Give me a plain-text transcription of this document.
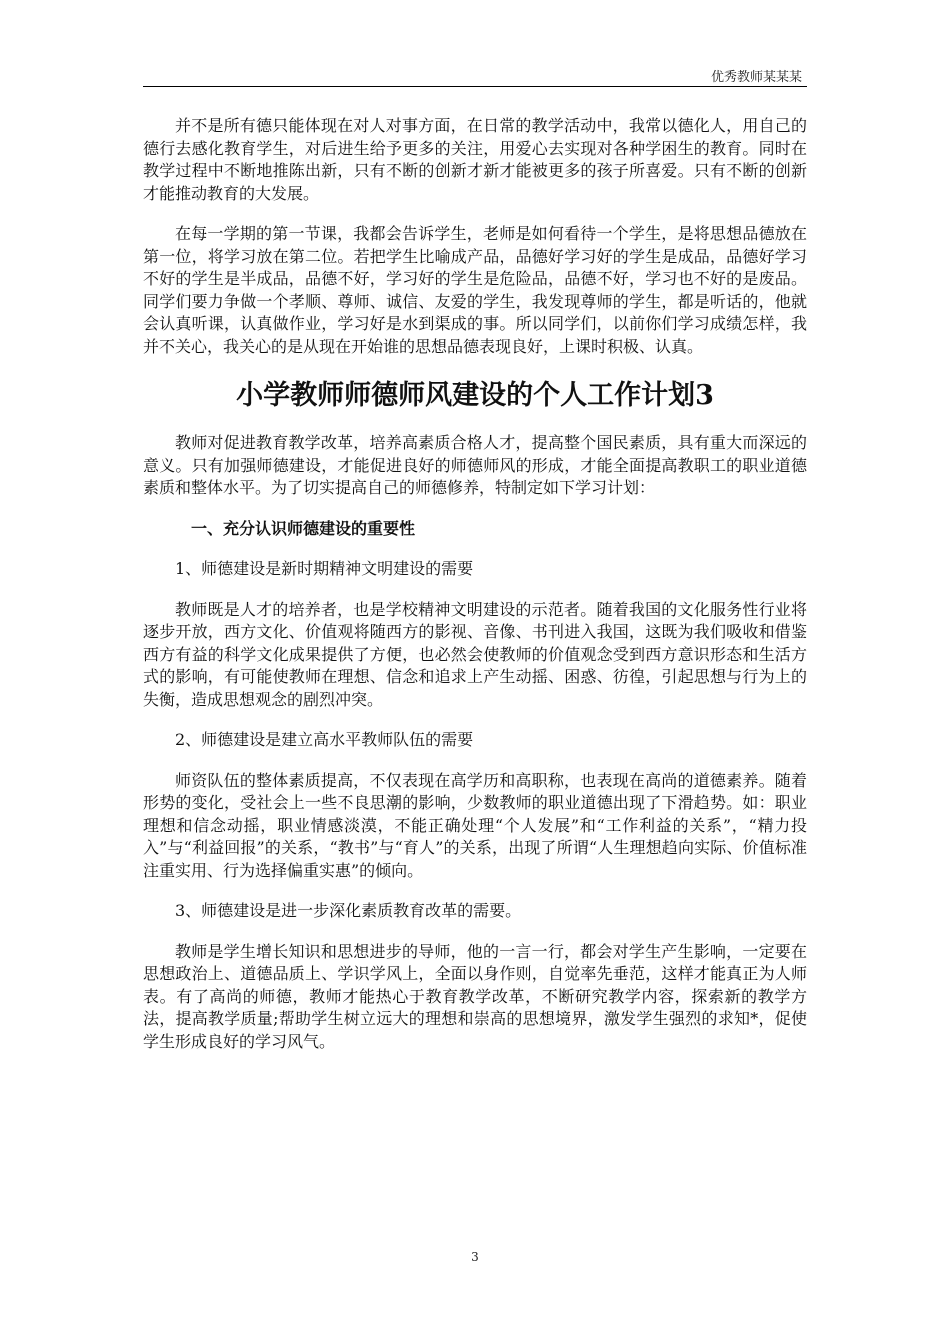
优秀教师某某某

并不是所有德只能体现在对人对事方面，在日常的教学活动中，我常以德化人，用自己的德行去感化教育学生，对后进生给予更多的关注，用爱心去实现对各种学困生的教育。同时在教学过程中不断地推陈出新，只有不断的创新才新才能被更多的孩子所喜爱。只有不断的创新才能推动教育的大发展。

在每一学期的第一节课，我都会告诉学生，老师是如何看待一个学生，是将思想品德放在第一位，将学习放在第二位。若把学生比喻成产品，品德好学习好的学生是成品，品德好学习不好的学生是半成品，品德不好，学习好的学生是危险品，品德不好，学习也不好的是废品。同学们要力争做一个孝顺、尊师、诚信、友爱的学生，我发现尊师的学生，都是听话的，他就会认真听课，认真做作业，学习好是水到渠成的事。所以同学们，以前你们学习成绩怎样，我并不关心，我关心的是从现在开始谁的思想品德表现良好，上课时积极、认真。

小学教师师德师风建设的个人工作计划3

教师对促进教育教学改革，培养高素质合格人才，提高整个国民素质，具有重大而深远的意义。只有加强师德建设，才能促进良好的师德师风的形成，才能全面提高教职工的职业道德素质和整体水平。为了切实提高自己的师德修养，特制定如下学习计划：

一、充分认识师德建设的重要性

1、师德建设是新时期精神文明建设的需要

教师既是人才的培养者，也是学校精神文明建设的示范者。随着我国的文化服务性行业将逐步开放，西方文化、价值观将随西方的影视、音像、书刊进入我国，这既为我们吸收和借鉴西方有益的科学文化成果提供了方便，也必然会使教师的价值观念受到西方意识形态和生活方式的影响，有可能使教师在理想、信念和追求上产生动摇、困惑、彷徨，引起思想与行为上的失衡，造成思想观念的剧烈冲突。

2、师德建设是建立高水平教师队伍的需要

师资队伍的整体素质提高，不仅表现在高学历和高职称，也表现在高尚的道德素养。随着形势的变化，受社会上一些不良思潮的影响，少数教师的职业道德出现了下滑趋势。如：职业理想和信念动摇，职业情感淡漠，不能正确处理“个人发展”和“工作利益的关系”，“精力投入”与“利益回报”的关系，“教书”与“育人”的关系，出现了所谓“人生理想趋向实际、价值标准注重实用、行为选择偏重实惠”的倾向。

3、师德建设是进一步深化素质教育改革的需要。

教师是学生增长知识和思想进步的导师，他的一言一行，都会对学生产生影响，一定要在思想政治上、道德品质上、学识学风上，全面以身作则，自觉率先垂范，这样才能真正为人师表。有了高尚的师德，教师才能热心于教育教学改革，不断研究教学内容，探索新的教学方法，提高教学质量;帮助学生树立远大的理想和崇高的思想境界，激发学生强烈的求知*，促使学生形成良好的学习风气。

3
